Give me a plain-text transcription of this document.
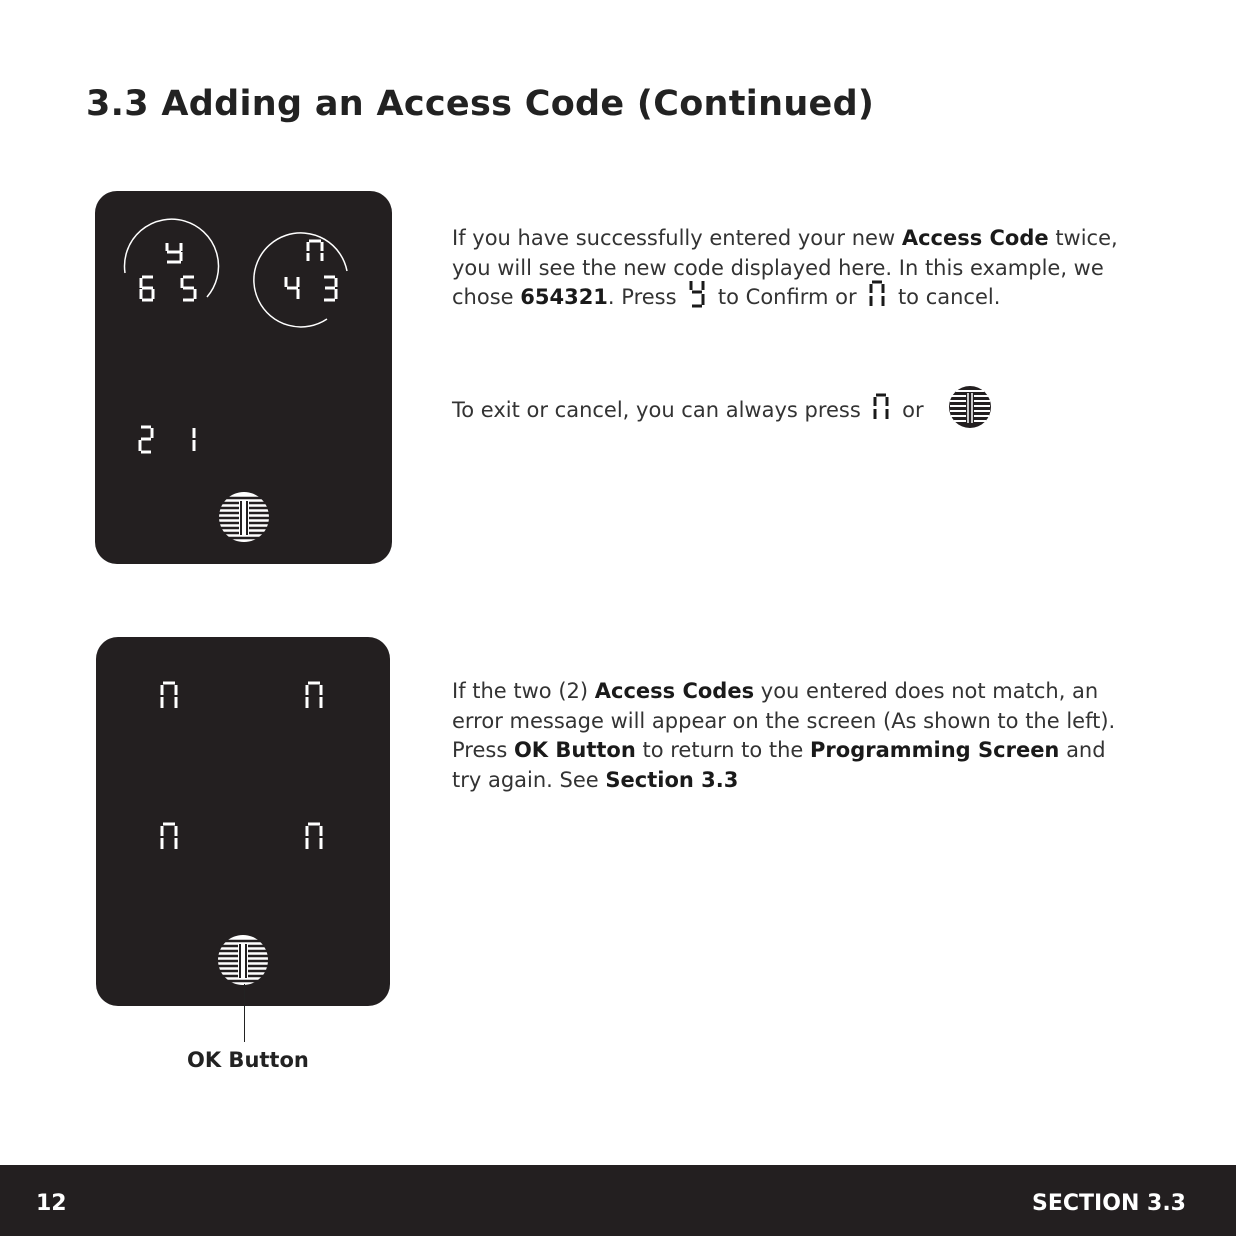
3.3 Adding an Access Code (Continued)

If you have successfully entered your new Access Code twice, you will see the new code displayed here. In this example, we chose 654321. Press  to Confirm or  to cancel.

To exit or cancel, you can always press  or

OK Button

If the two (2) Access Codes you entered does not match, an error message will appear on the screen (As shown to the left). Press OK Button to return to the Programming Screen and try again. See Section 3.3

12	SECTION 3.3
